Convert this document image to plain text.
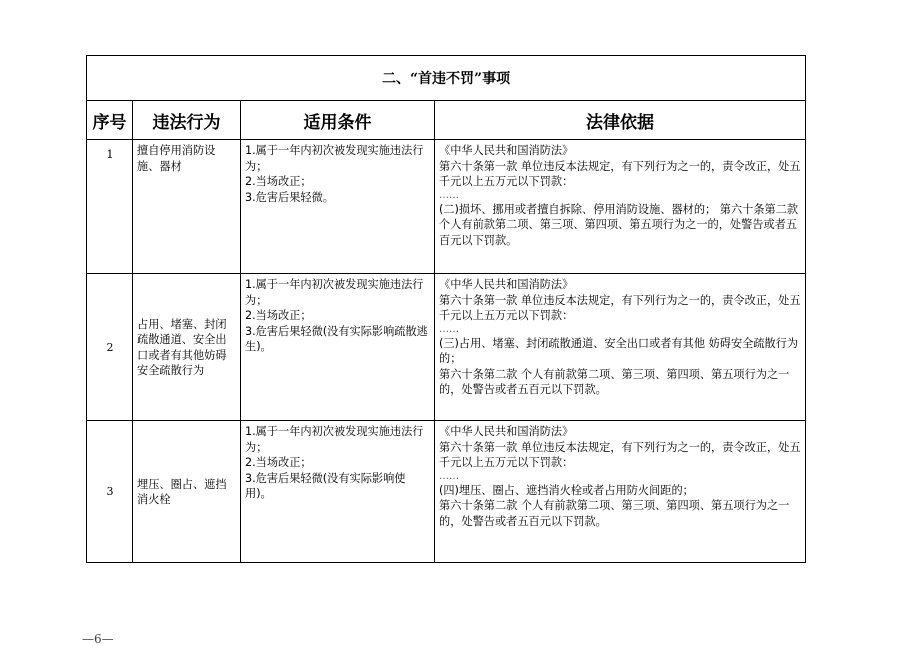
二、“首违不罚”事项			
序号	违法行为	适用条件	法律依据
1	擅自停用消防设施、器材	1.属于一年内初次被发现实施违法行为；
2.当场改正；
3.危害后果轻微。	《中华人民共和国消防法》
第六十条第一款 单位违反本法规定，有下列行为之一的，责令改正，处五千元以上五万元以下罚款：
……
(二)损坏、挪用或者擅自拆除、停用消防设施、器材的； 第六十条第二款 个人有前款第二项、第三项、第四项、第五项行为之一的，处警告或者五百元以下罚款。

2	占用、堵塞、封闭疏散通道、安全出口或者有其他妨碍安全疏散行为	1.属于一年内初次被发现实施违法行为；
2.当场改正；
3.危害后果轻微(没有实际影响疏散逃生)。	《中华人民共和国消防法》
第六十条第一款 单位违反本法规定，有下列行为之一的，责令改正，处五千元以上五万元以下罚款：
……
(三)占用、堵塞、封闭疏散通道、安全出口或者有其他 妨碍安全疏散行为的；
第六十条第二款 个人有前款第二项、第三项、第四项、第五项行为之一的，处警告或者五百元以下罚款。

3	埋压、圈占、遮挡消火栓	1.属于一年内初次被发现实施违法行为；
2.当场改正；
3.危害后果轻微(没有实际影响使用)。	《中华人民共和国消防法》
第六十条第一款 单位违反本法规定，有下列行为之一的，责令改正，处五千元以上五万元以下罚款：
……
(四)埋压、圈占、遮挡消火栓或者占用防火间距的；
第六十条第二款 个人有前款第二项、第三项、第四项、第五项行为之一的，处警告或者五百元以下罚款。
—6—
